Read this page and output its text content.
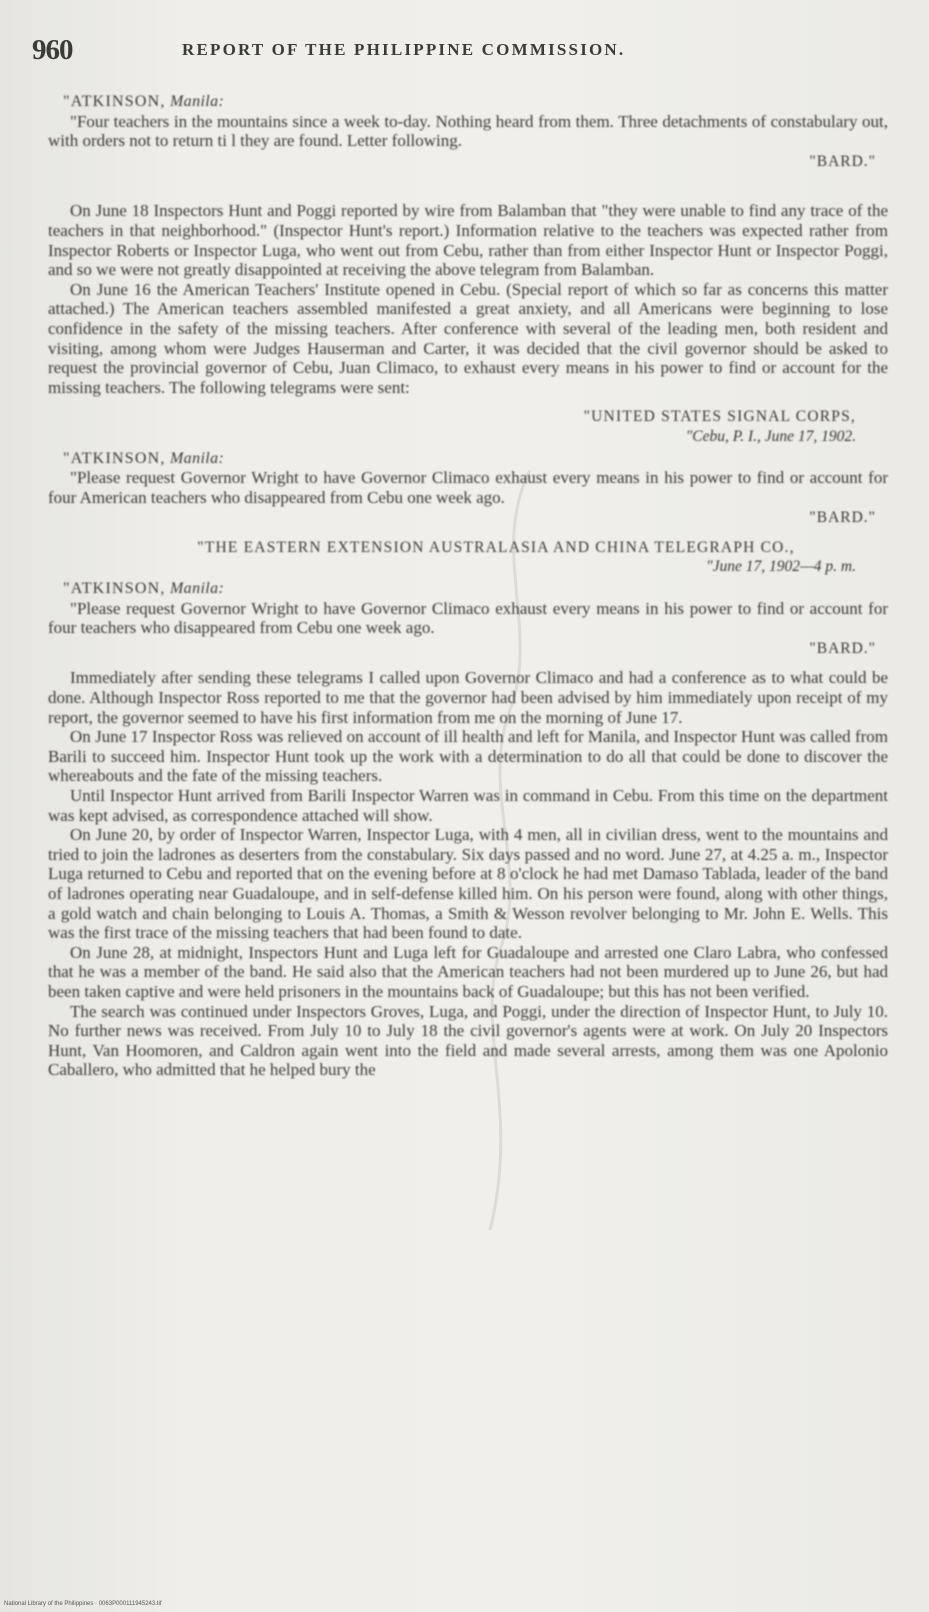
960	REPORT OF THE PHILIPPINE COMMISSION.
"ATKINSON, Manila:

"Four teachers in the mountains since a week to-day. Nothing heard from them. Three detachments of constabulary out, with orders not to return ti l they are found. Letter following.

"BARD."

On June 18 Inspectors Hunt and Poggi reported by wire from Balamban that "they were unable to find any trace of the teachers in that neighborhood." (Inspector Hunt's report.) Information relative to the teachers was expected rather from Inspector Roberts or Inspector Luga, who went out from Cebu, rather than from either Inspector Hunt or Inspector Poggi, and so we were not greatly disappointed at receiving the above telegram from Balamban.

On June 16 the American Teachers' Institute opened in Cebu. (Special report of which so far as concerns this matter attached.) The American teachers assembled manifested a great anxiety, and all Americans were beginning to lose confidence in the safety of the missing teachers. After conference with several of the leading men, both resident and visiting, among whom were Judges Hauserman and Carter, it was decided that the civil governor should be asked to request the provincial governor of Cebu, Juan Climaco, to exhaust every means in his power to find or account for the missing teachers. The following telegrams were sent:

"UNITED STATES SIGNAL CORPS,
"Cebu, P. I., June 17, 1902.
"ATKINSON, Manila:

"Please request Governor Wright to have Governor Climaco exhaust every means in his power to find or account for four American teachers who disappeared from Cebu one week ago.

"BARD."
"THE EASTERN EXTENSION AUSTRALASIA AND CHINA TELEGRAPH CO.,
"June 17, 1902—4 p. m.
"ATKINSON, Manila:

"Please request Governor Wright to have Governor Climaco exhaust every means in his power to find or account for four teachers who disappeared from Cebu one week ago.

"BARD."

Immediately after sending these telegrams I called upon Governor Climaco and had a conference as to what could be done. Although Inspector Ross reported to me that the governor had been advised by him immediately upon receipt of my report, the governor seemed to have his first information from me on the morning of June 17.

On June 17 Inspector Ross was relieved on account of ill health and left for Manila, and Inspector Hunt was called from Barili to succeed him. Inspector Hunt took up the work with a determination to do all that could be done to discover the whereabouts and the fate of the missing teachers.

Until Inspector Hunt arrived from Barili Inspector Warren was in command in Cebu. From this time on the department was kept advised, as correspondence attached will show.

On June 20, by order of Inspector Warren, Inspector Luga, with 4 men, all in civilian dress, went to the mountains and tried to join the ladrones as deserters from the constabulary. Six days passed and no word. June 27, at 4.25 a. m., Inspector Luga returned to Cebu and reported that on the evening before at 8 o'clock he had met Damaso Tablada, leader of the band of ladrones operating near Guadaloupe, and in self-defense killed him. On his person were found, along with other things, a gold watch and chain belonging to Louis A. Thomas, a Smith & Wesson revolver belonging to Mr. John E. Wells. This was the first trace of the missing teachers that had been found to date.

On June 28, at midnight, Inspectors Hunt and Luga left for Guadaloupe and arrested one Claro Labra, who confessed that he was a member of the band. He said also that the American teachers had not been murdered up to June 26, but had been taken captive and were held prisoners in the mountains back of Guadaloupe; but this has not been verified.

The search was continued under Inspectors Groves, Luga, and Poggi, under the direction of Inspector Hunt, to July 10. No further news was received. From July 10 to July 18 the civil governor's agents were at work. On July 20 Inspectors Hunt, Van Hoomoren, and Caldron again went into the field and made several arrests, among them was one Apolonio Caballero, who admitted that he helped bury the

National Library of the Philippines · 0063P000111945243.tif
